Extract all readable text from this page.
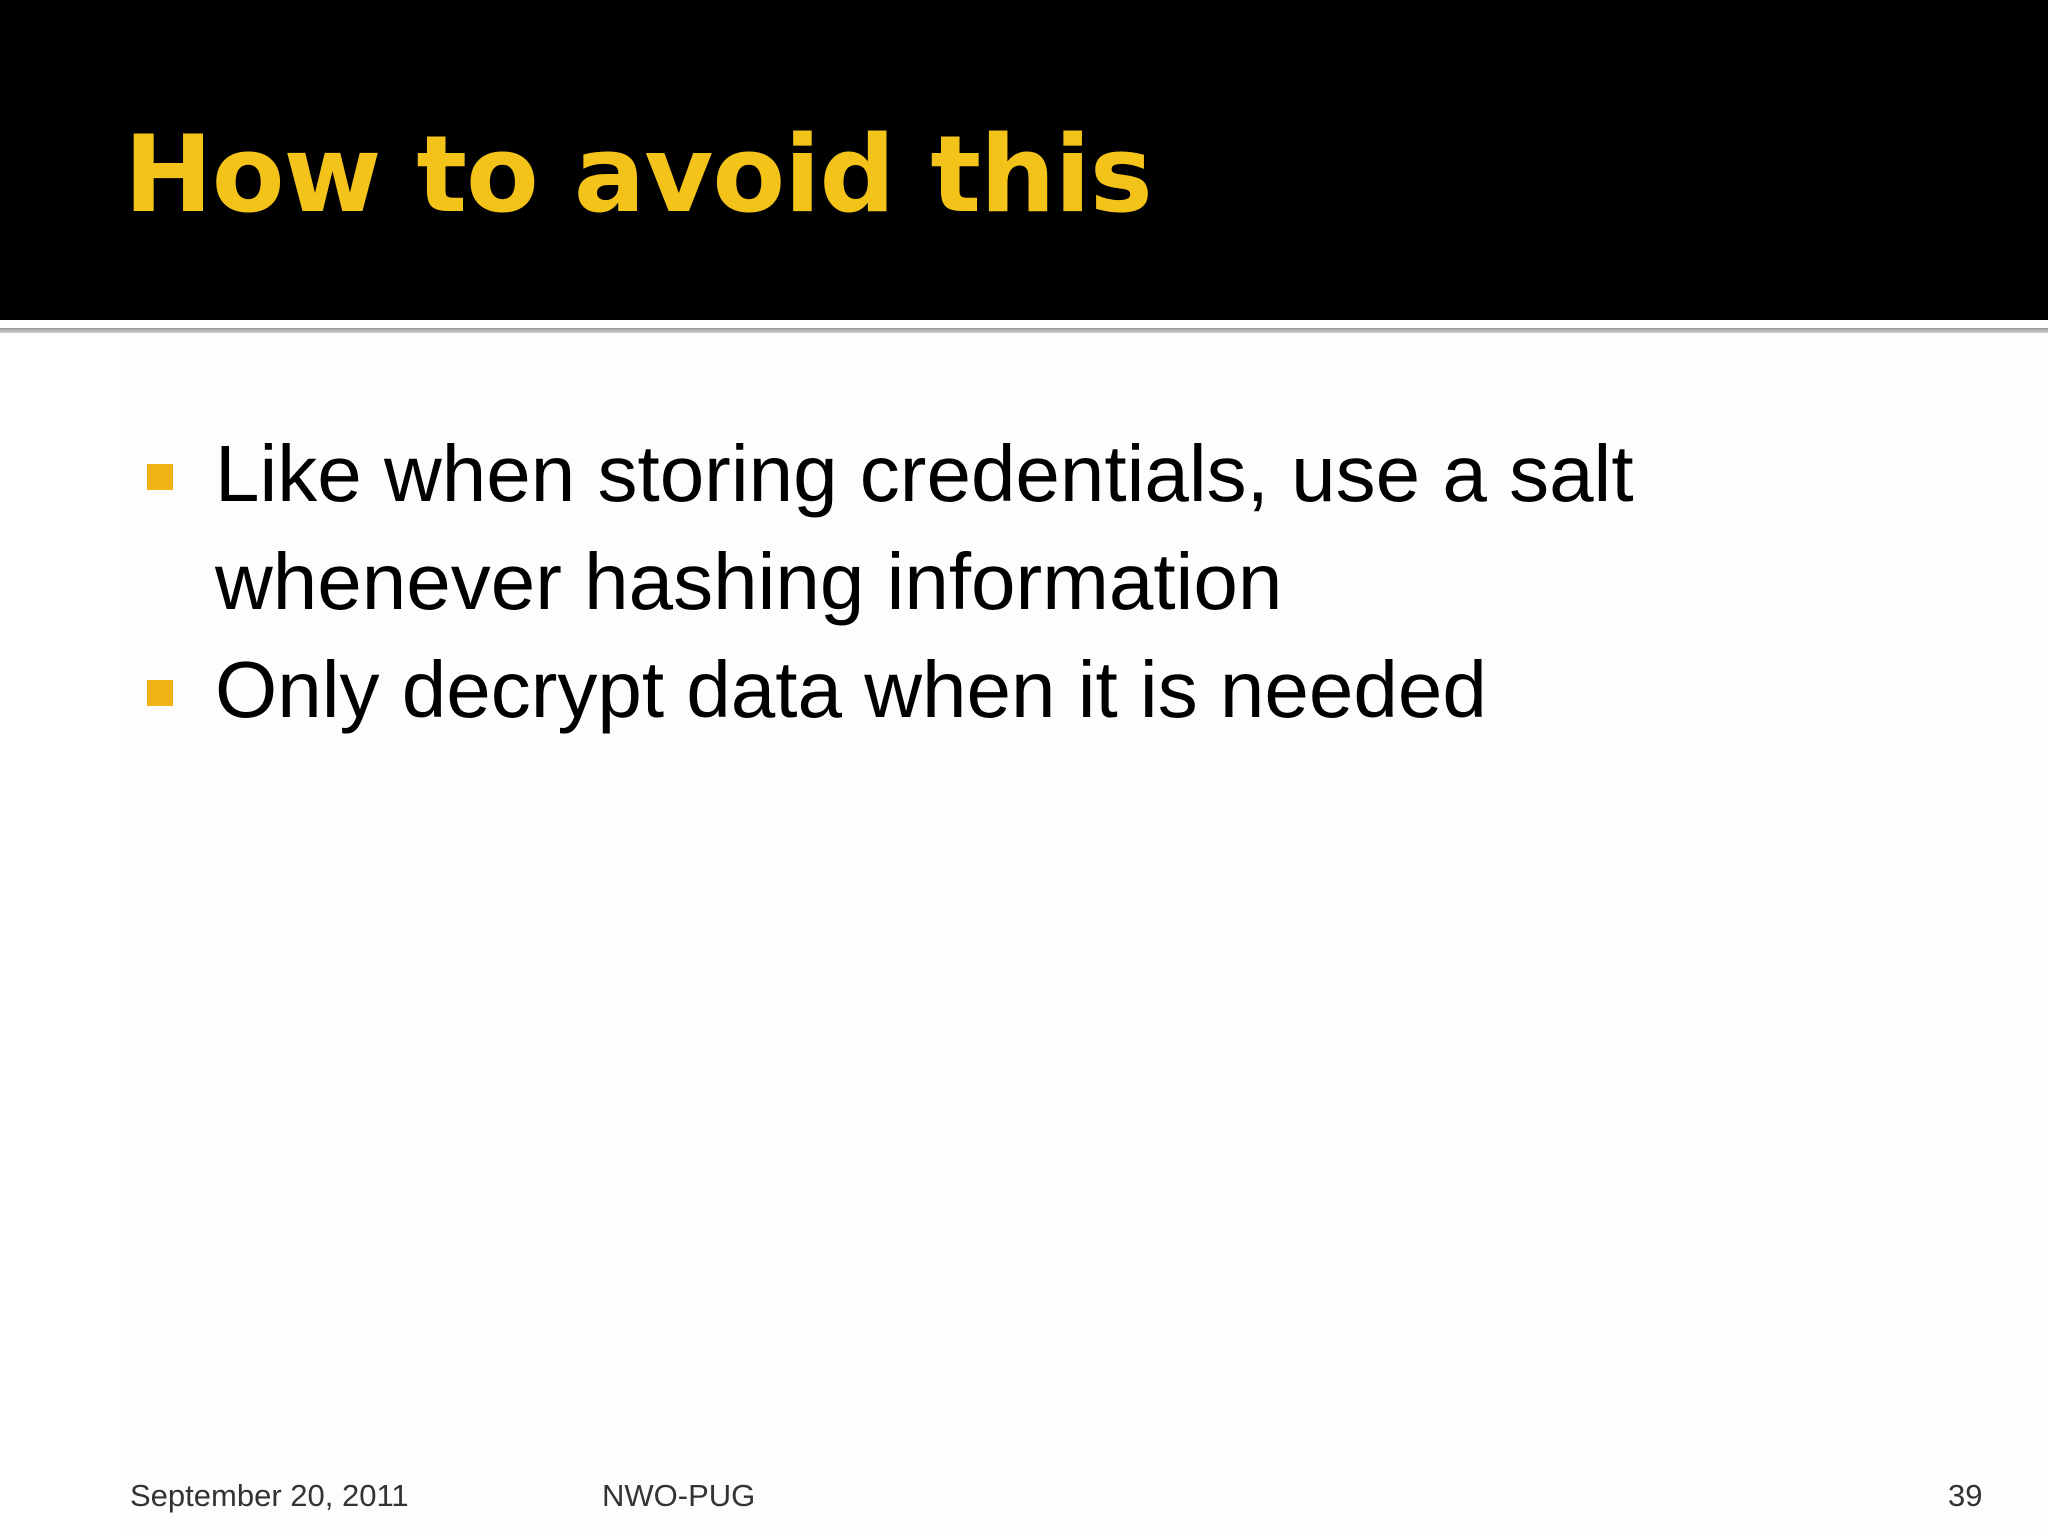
How to avoid this
Like when storing credentials, use a salt whenever hashing information
Only decrypt data when it is needed
September 20, 2011	NWO-PUG	39
